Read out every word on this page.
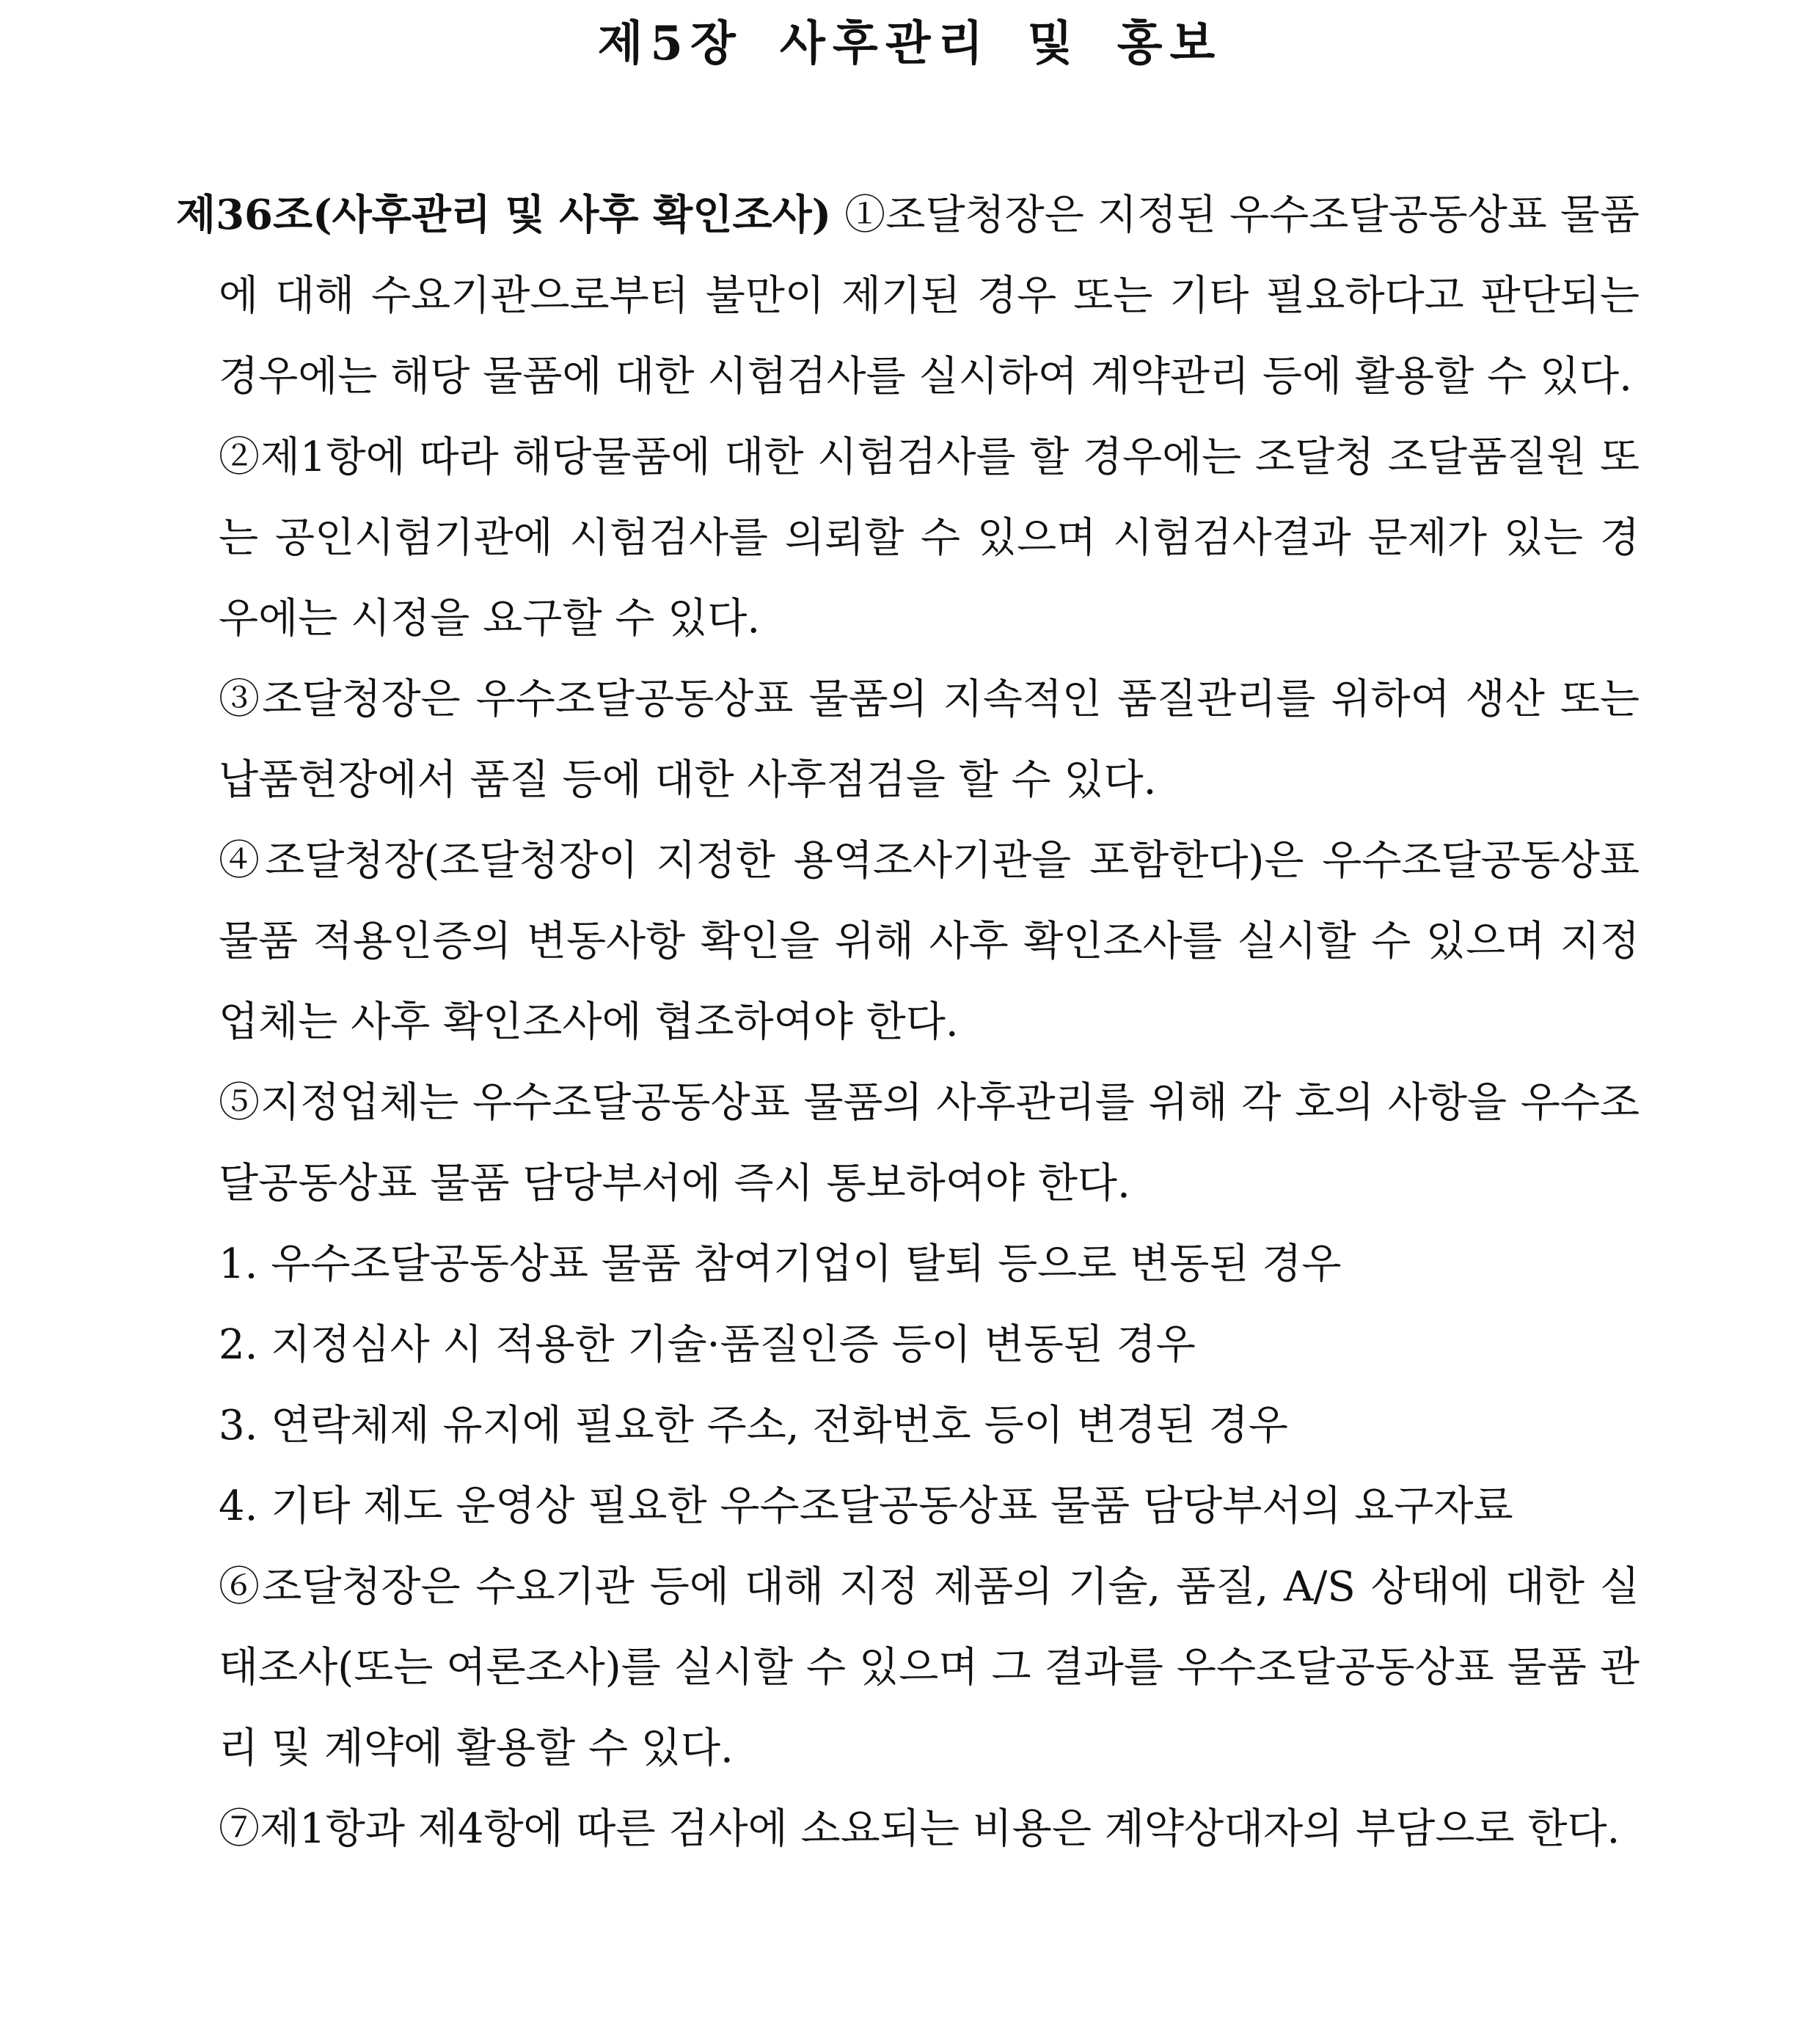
제5장 사후관리 및 홍보

제36조(사후관리 및 사후 확인조사) ①조달청장은 지정된 우수조달공동상표 물품에 대해 수요기관으로부터 불만이 제기된 경우 또는 기타 필요하다고 판단되는 경우에는 해당 물품에 대한 시험검사를 실시하여 계약관리 등에 활용할 수 있다.

②제1항에 따라 해당물품에 대한 시험검사를 할 경우에는 조달청 조달품질원 또는 공인시험기관에 시험검사를 의뢰할 수 있으며 시험검사결과 문제가 있는 경우에는 시정을 요구할 수 있다.

③조달청장은 우수조달공동상표 물품의 지속적인 품질관리를 위하여 생산 또는 납품현장에서 품질 등에 대한 사후점검을 할 수 있다.

④조달청장(조달청장이 지정한 용역조사기관을 포함한다)은 우수조달공동상표 물품 적용인증의 변동사항 확인을 위해 사후 확인조사를 실시할 수 있으며 지정업체는 사후 확인조사에 협조하여야 한다.

⑤지정업체는 우수조달공동상표 물품의 사후관리를 위해 각 호의 사항을 우수조달공동상표 물품 담당부서에 즉시 통보하여야 한다.

1. 우수조달공동상표 물품 참여기업이 탈퇴 등으로 변동된 경우

2. 지정심사 시 적용한 기술·품질인증 등이 변동된 경우

3. 연락체제 유지에 필요한 주소, 전화번호 등이 변경된 경우

4. 기타 제도 운영상 필요한 우수조달공동상표 물품 담당부서의 요구자료

⑥조달청장은 수요기관 등에 대해 지정 제품의 기술, 품질, A/S 상태에 대한 실태조사(또는 여론조사)를 실시할 수 있으며 그 결과를 우수조달공동상표 물품 관리 및 계약에 활용할 수 있다.

⑦제1항과 제4항에 따른 검사에 소요되는 비용은 계약상대자의 부담으로 한다.
